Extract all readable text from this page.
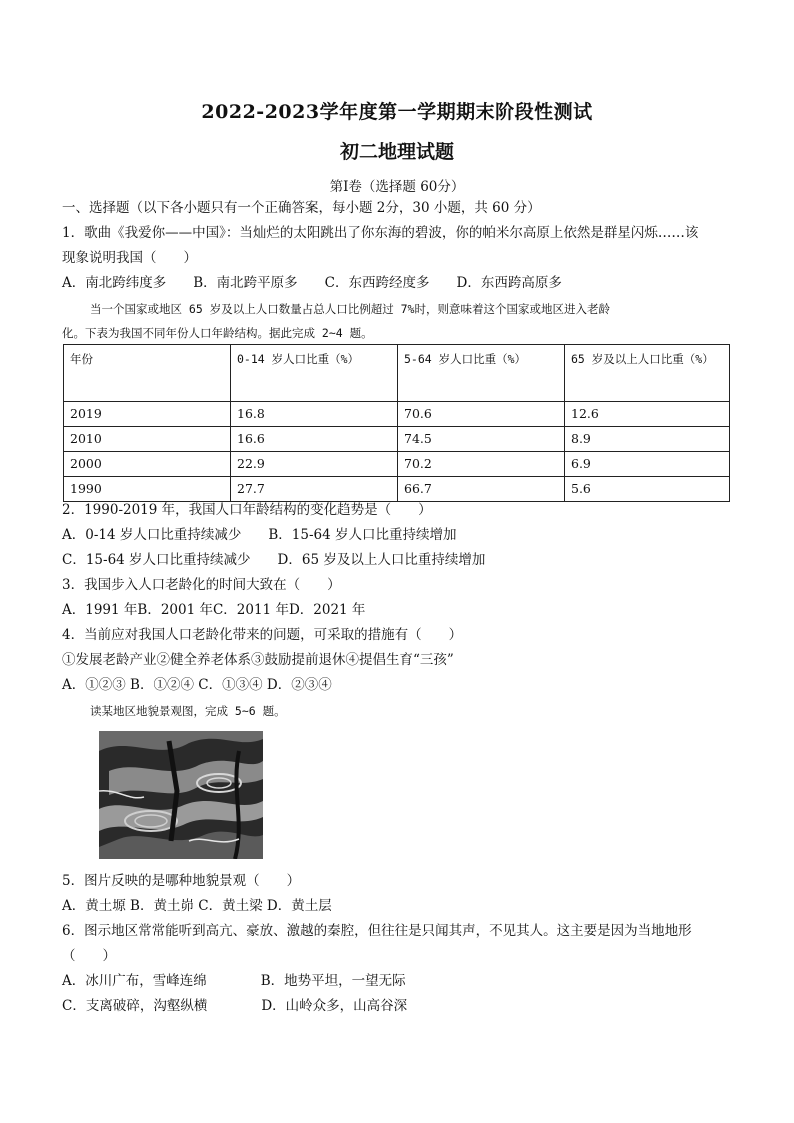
2022-2023学年度第一学期期末阶段性测试
初二地理试题
第Ⅰ卷（选择题 60分）
一、选择题（以下各小题只有一个正确答案，每小题 2分，30 小题，共 60 分）
1．歌曲《我爱你——中国》：当灿烂的太阳跳出了你东海的碧波，你的帕米尔高原上依然是群星闪烁……该
现象说明我国（　　）
A．南北跨纬度多　　B．南北跨平原多　　C．东西跨经度多　　D．东西跨高原多
当一个国家或地区 65 岁及以上人口数量占总人口比例超过 7%时，则意味着这个国家或地区进入老龄
化。下表为我国不同年份人口年龄结构。据此完成 2~4 题。
年份	0-14 岁人口比重（%）	5-64 岁人口比重（%）	65 岁及以上人口比重（%）
2019	16.8	70.6	12.6
2010	16.6	74.5	8.9
2000	22.9	70.2	6.9
1990	27.7	66.7	5.6
2．1990-2019 年，我国人口年龄结构的变化趋势是（　　）
A．0-14 岁人口比重持续减少　　B．15-64 岁人口比重持续增加
C．15-64 岁人口比重持续减少　　D．65 岁及以上人口比重持续增加
3．我国步入人口老龄化的时间大致在（　　）
A．1991 年B．2001 年C．2011 年D．2021 年
4．当前应对我国人口老龄化带来的问题，可采取的措施有（　　）
①发展老龄产业②健全养老体系③鼓励提前退休④提倡生育“三孩”
A．①②③ B．①②④ C．①③④ D．②③④
读某地区地貌景观图，完成 5~6 题。
5．图片反映的是哪种地貌景观（　　）
A．黄土塬 B．黄土峁 C．黄土梁 D．黄土层
6．图示地区常常能听到高亢、豪放、激越的秦腔，但往往是只闻其声，不见其人。这主要是因为当地地形
（　　）
A．冰川广布，雪峰连绵　　　　B．地势平坦，一望无际
C．支离破碎，沟壑纵横　　　　D．山岭众多，山高谷深
